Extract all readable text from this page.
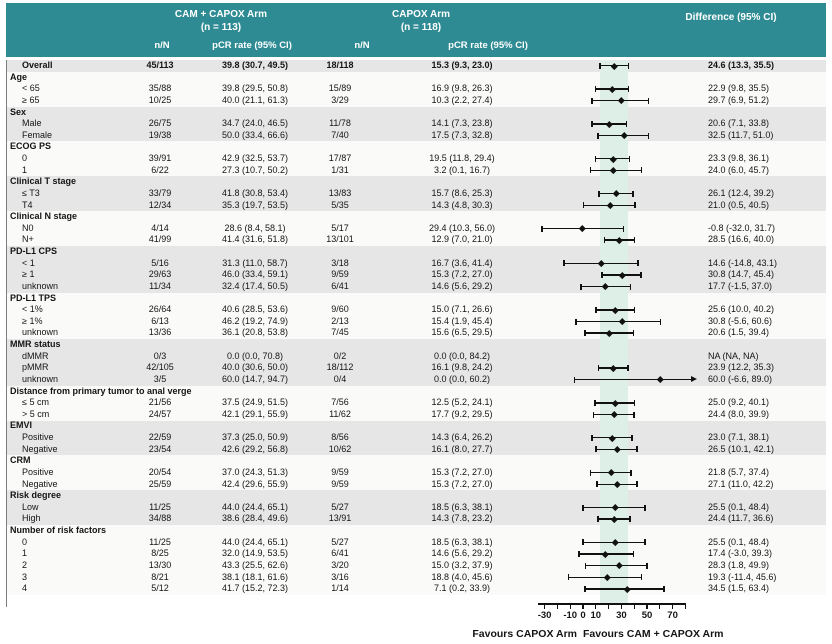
CAM + CAPOX Arm
(n = 113)
CAPOX Arm
(n = 118)
Difference (95% CI)
n/N	pCR rate (95% CI)	n/N	pCR rate (95% CI)
Overall	45/113	39.8 (30.7, 49.5)	18/118	15.3 (9.3, 23.0)	24.6 (13.3, 35.5)
Age
< 65	35/88	39.8 (29.5, 50.8)	15/89	16.9 (9.8, 26.3)	22.9 (9.8, 35.5)
≥ 65	10/25	40.0 (21.1, 61.3)	3/29	10.3 (2.2, 27.4)	29.7 (6.9, 51.2)
Sex
Male	26/75	34.7 (24.0, 46.5)	11/78	14.1 (7.3, 23.8)	20.6 (7.1, 33.8)
Female	19/38	50.0 (33.4, 66.6)	7/40	17.5 (7.3, 32.8)	32.5 (11.7, 51.0)
ECOG PS
0	39/91	42.9 (32.5, 53.7)	17/87	19.5 (11.8, 29.4)	23.3 (9.8, 36.1)
1	6/22	27.3 (10.7, 50.2)	1/31	3.2 (0.1, 16.7)	24.0 (6.0, 45.7)
Clinical T stage
≤ T3	33/79	41.8 (30.8, 53.4)	13/83	15.7 (8.6, 25.3)	26.1 (12.4, 39.2)
T4	12/34	35.3 (19.7, 53.5)	5/35	14.3 (4.8, 30.3)	21.0 (0.5, 40.5)
Clinical N stage
N0	4/14	28.6 (8.4, 58.1)	5/17	29.4 (10.3, 56.0)	-0.8 (-32.0, 31.7)
N+	41/99	41.4 (31.6, 51.8)	13/101	12.9 (7.0, 21.0)	28.5 (16.6, 40.0)
PD-L1 CPS
< 1	5/16	31.3 (11.0, 58.7)	3/18	16.7 (3.6, 41.4)	14.6 (-14.8, 43.1)
≥ 1	29/63	46.0 (33.4, 59.1)	9/59	15.3 (7.2, 27.0)	30.8 (14.7, 45.4)
unknown	11/34	32.4 (17.4, 50.5)	6/41	14.6 (5.6, 29.2)	17.7 (-1.5, 37.0)
PD-L1 TPS
< 1%	26/64	40.6 (28.5, 53.6)	9/60	15.0 (7.1, 26.6)	25.6 (10.0, 40.2)
≥ 1%	6/13	46.2 (19.2, 74.9)	2/13	15.4 (1.9, 45.4)	30.8 (-5.6, 60.6)
unknown	13/36	36.1 (20.8, 53.8)	7/45	15.6 (6.5, 29.5)	20.6 (1.5, 39.4)
MMR status
dMMR	0/3	0.0 (0.0, 70.8)	0/2	0.0 (0.0, 84.2)	NA (NA, NA)
pMMR	42/105	40.0 (30.6, 50.0)	18/112	16.1 (9.8, 24.2)	23.9 (12.2, 35.3)
unknown	3/5	60.0 (14.7, 94.7)	0/4	0.0 (0.0, 60.2)	60.0 (-6.6, 89.0)
Distance from primary tumor to anal verge
≤ 5 cm	21/56	37.5 (24.9, 51.5)	7/56	12.5 (5.2, 24.1)	25.0 (9.2, 40.1)
> 5 cm	24/57	42.1 (29.1, 55.9)	11/62	17.7 (9.2, 29.5)	24.4 (8.0, 39.9)
EMVI
Positive	22/59	37.3 (25.0, 50.9)	8/56	14.3 (6.4, 26.2)	23.0 (7.1, 38.1)
Negative	23/54	42.6 (29.2, 56.8)	10/62	16.1 (8.0, 27.7)	26.5 (10.1, 42.1)
CRM
Positive	20/54	37.0 (24.3, 51.3)	9/59	15.3 (7.2, 27.0)	21.8 (5.7, 37.4)
Negative	25/59	42.4 (29.6, 55.9)	9/59	15.3 (7.2, 27.0)	27.1 (11.0, 42.2)
Risk degree
Low	11/25	44.0 (24.4, 65.1)	5/27	18.5 (6.3, 38.1)	25.5 (0.1, 48.4)
High	34/88	38.6 (28.4, 49.6)	13/91	14.3 (7.8, 23.2)	24.4 (11.7, 36.6)
Number of risk factors
0	11/25	44.0 (24.4, 65.1)	5/27	18.5 (6.3, 38.1)	25.5 (0.1, 48.4)
1	8/25	32.0 (14.9, 53.5)	6/41	14.6 (5.6, 29.2)	17.4 (-3.0, 39.3)
2	13/30	43.3 (25.5, 62.6)	3/20	15.0 (3.2, 37.9)	28.3 (1.8, 49.9)
3	8/21	38.1 (18.1, 61.6)	3/16	18.8 (4.0, 45.6)	19.3 (-11.4, 45.6)
4	5/12	41.7 (15.2, 72.3)	1/14	7.1 (0.2, 33.9)	34.5 (1.5, 63.4)
-30	-10 0 10	30	50	70
Favours CAPOX Arm Favours CAM + CAPOX Arm
